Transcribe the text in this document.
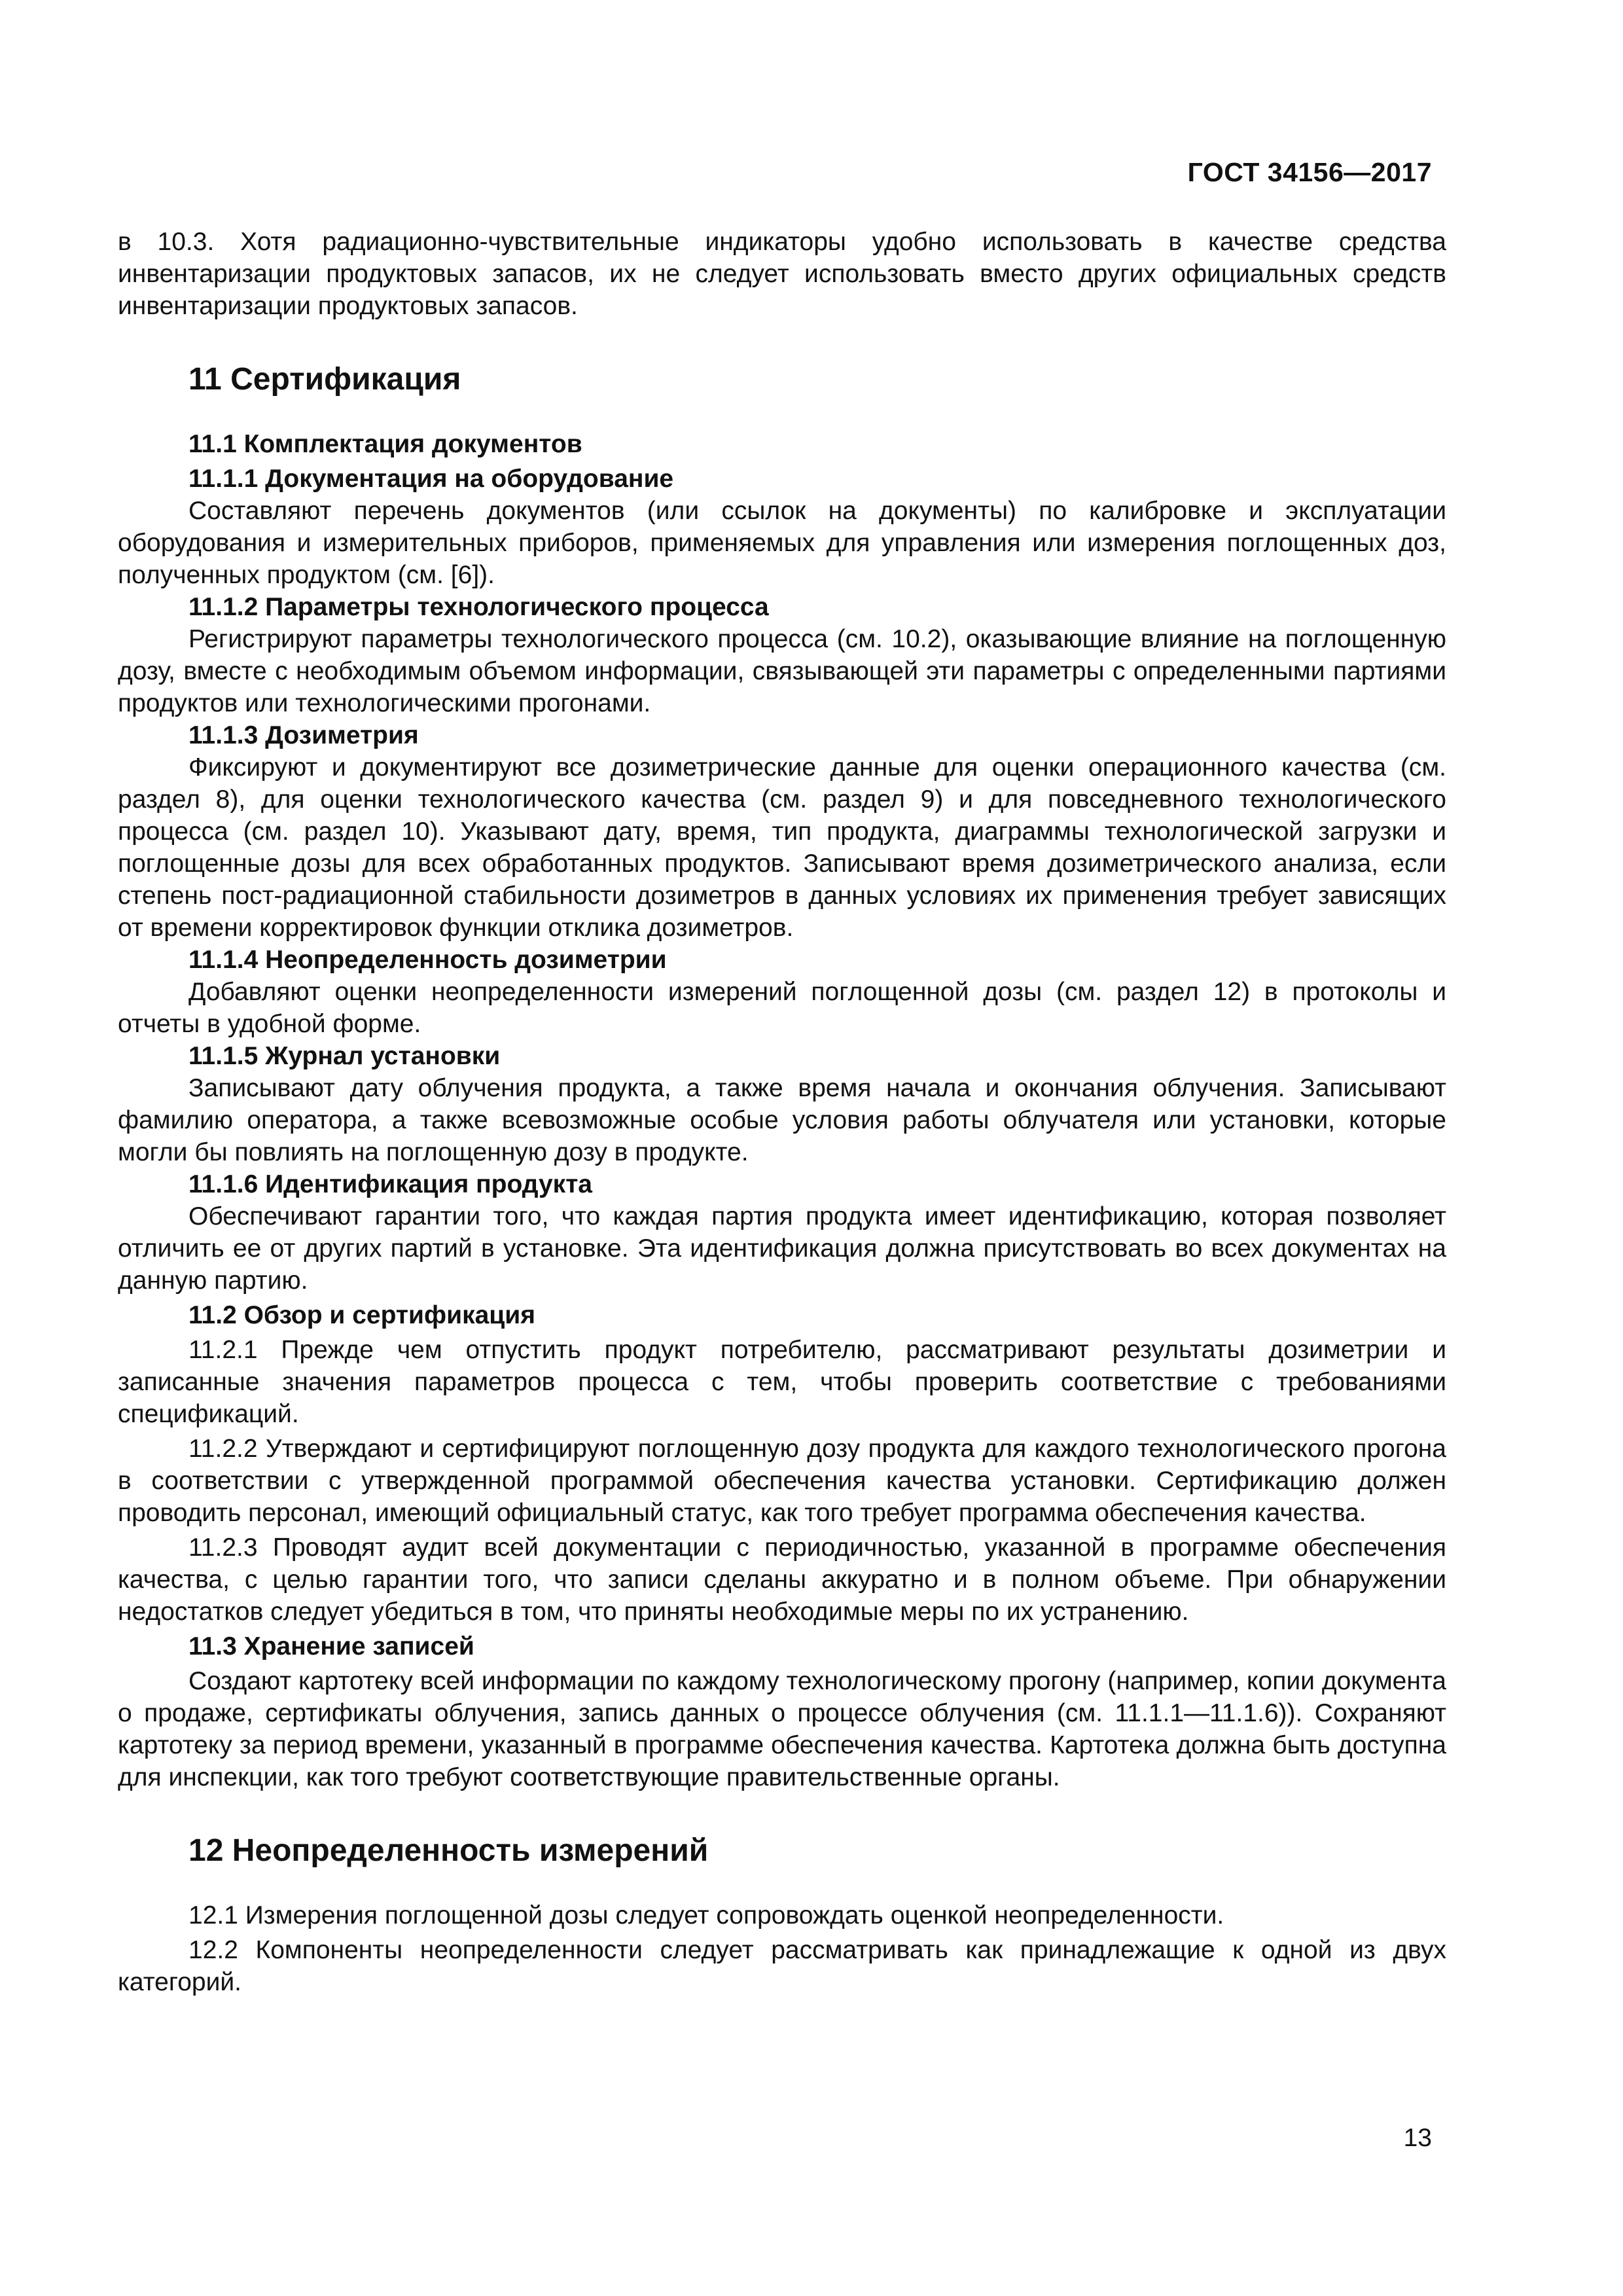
ГОСТ 34156—2017

в 10.3. Хотя радиационно-чувствительные индикаторы удобно использовать в качестве средства инвентаризации продуктовых запасов, их не следует использовать вместо других официальных средств инвентаризации продуктовых запасов.

11 Сертификация

11.1 Комплектация документов

11.1.1 Документация на оборудование

Составляют перечень документов (или ссылок на документы) по калибровке и эксплуатации оборудования и измерительных приборов, применяемых для управления или измерения поглощенных доз, полученных продуктом (см. [6]).

11.1.2 Параметры технологического процесса

Регистрируют параметры технологического процесса (см. 10.2), оказывающие влияние на поглощенную дозу, вместе с необходимым объемом информации, связывающей эти параметры с определенными партиями продуктов или технологическими прогонами.

11.1.3 Дозиметрия

Фиксируют и документируют все дозиметрические данные для оценки операционного качества (см. раздел 8), для оценки технологического качества (см. раздел 9) и для повседневного технологического процесса (см. раздел 10). Указывают дату, время, тип продукта, диаграммы технологической загрузки и поглощенные дозы для всех обработанных продуктов. Записывают время дозиметрического анализа, если степень пост-радиационной стабильности дозиметров в данных условиях их применения требует зависящих от времени корректировок функции отклика дозиметров.

11.1.4 Неопределенность дозиметрии

Добавляют оценки неопределенности измерений поглощенной дозы (см. раздел 12) в протоколы и отчеты в удобной форме.

11.1.5 Журнал установки

Записывают дату облучения продукта, а также время начала и окончания облучения. Записывают фамилию оператора, а также всевозможные особые условия работы облучателя или установки, которые могли бы повлиять на поглощенную дозу в продукте.

11.1.6 Идентификация продукта

Обеспечивают гарантии того, что каждая партия продукта имеет идентификацию, которая позволяет отличить ее от других партий в установке. Эта идентификация должна присутствовать во всех документах на данную партию.

11.2 Обзор и сертификация

11.2.1 Прежде чем отпустить продукт потребителю, рассматривают результаты дозиметрии и записанные значения параметров процесса с тем, чтобы проверить соответствие с требованиями спецификаций.

11.2.2 Утверждают и сертифицируют поглощенную дозу продукта для каждого технологического прогона в соответствии с утвержденной программой обеспечения качества установки. Сертификацию должен проводить персонал, имеющий официальный статус, как того требует программа обеспечения качества.

11.2.3 Проводят аудит всей документации с периодичностью, указанной в программе обеспечения качества, с целью гарантии того, что записи сделаны аккуратно и в полном объеме. При обнаружении недостатков следует убедиться в том, что приняты необходимые меры по их устранению.

11.3 Хранение записей

Создают картотеку всей информации по каждому технологическому прогону (например, копии документа о продаже, сертификаты облучения, запись данных о процессе облучения (см. 11.1.1—11.1.6)). Сохраняют картотеку за период времени, указанный в программе обеспечения качества. Картотека должна быть доступна для инспекции, как того требуют соответствующие правительственные органы.

12 Неопределенность измерений

12.1 Измерения поглощенной дозы следует сопровождать оценкой неопределенности.

12.2 Компоненты неопределенности следует рассматривать как принадлежащие к одной из двух категорий.

13
